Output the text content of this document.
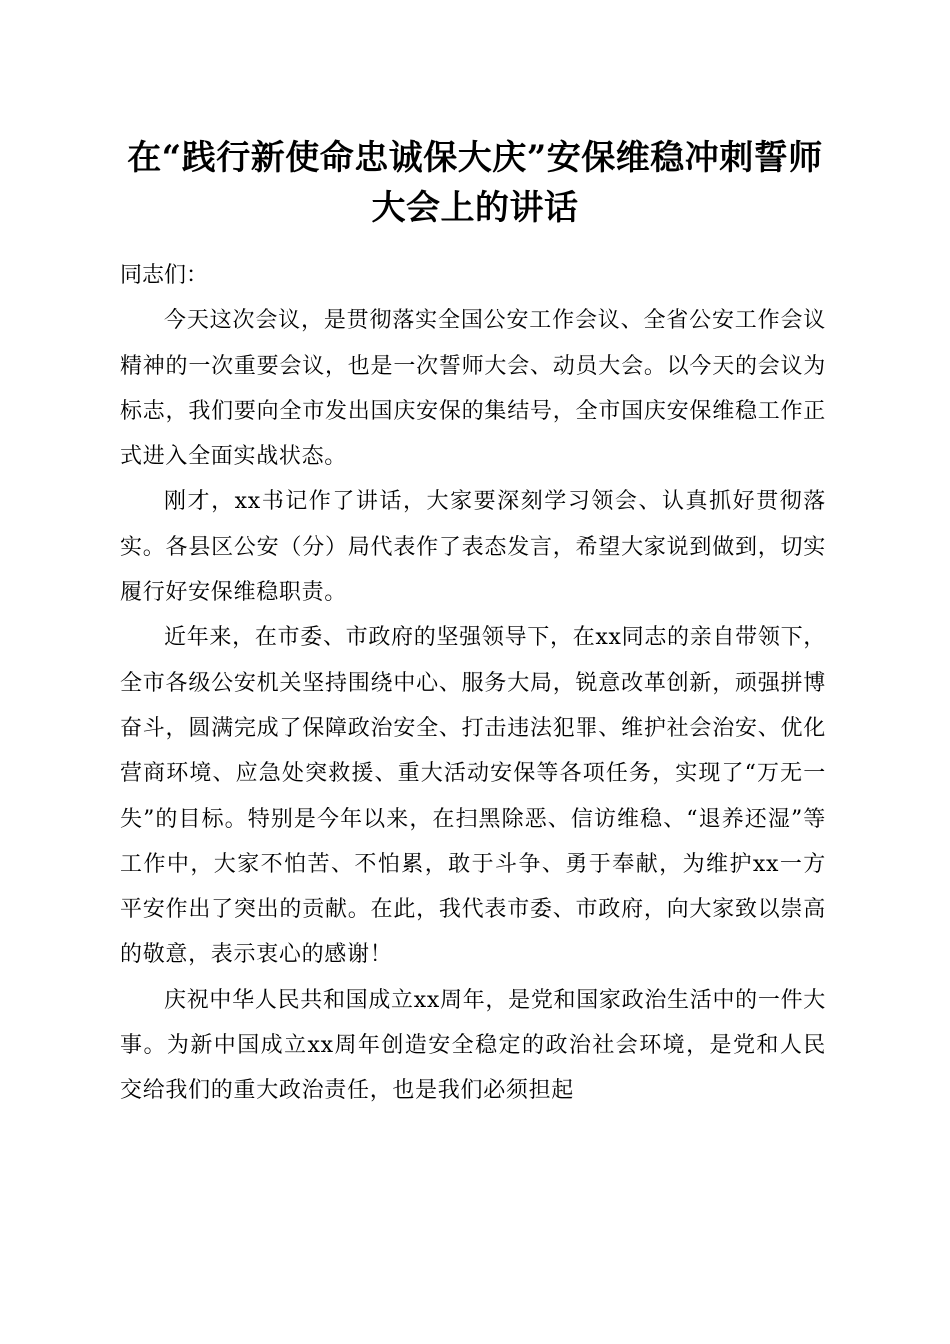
在“践行新使命忠诚保大庆”安保维稳冲刺誓师大会上的讲话

同志们：

今天这次会议，是贯彻落实全国公安工作会议、全省公安工作会议精神的一次重要会议，也是一次誓师大会、动员大会。以今天的会议为标志，我们要向全市发出国庆安保的集结号，全市国庆安保维稳工作正式进入全面实战状态。

刚才，xx书记作了讲话，大家要深刻学习领会、认真抓好贯彻落实。各县区公安（分）局代表作了表态发言，希望大家说到做到，切实履行好安保维稳职责。

近年来，在市委、市政府的坚强领导下，在xx同志的亲自带领下，全市各级公安机关坚持围绕中心、服务大局，锐意改革创新，顽强拼博奋斗，圆满完成了保障政治安全、打击违法犯罪、维护社会治安、优化营商环境、应急处突救援、重大活动安保等各项任务，实现了“万无一失”的目标。特别是今年以来，在扫黑除恶、信访维稳、“退养还湿”等工作中，大家不怕苦、不怕累，敢于斗争、勇于奉献，为维护xx一方平安作出了突出的贡献。在此，我代表市委、市政府，向大家致以崇高的敬意，表示衷心的感谢！

庆祝中华人民共和国成立xx周年，是党和国家政治生活中的一件大事。为新中国成立xx周年创造安全稳定的政治社会环境，是党和人民交给我们的重大政治责任，也是我们必须担起
